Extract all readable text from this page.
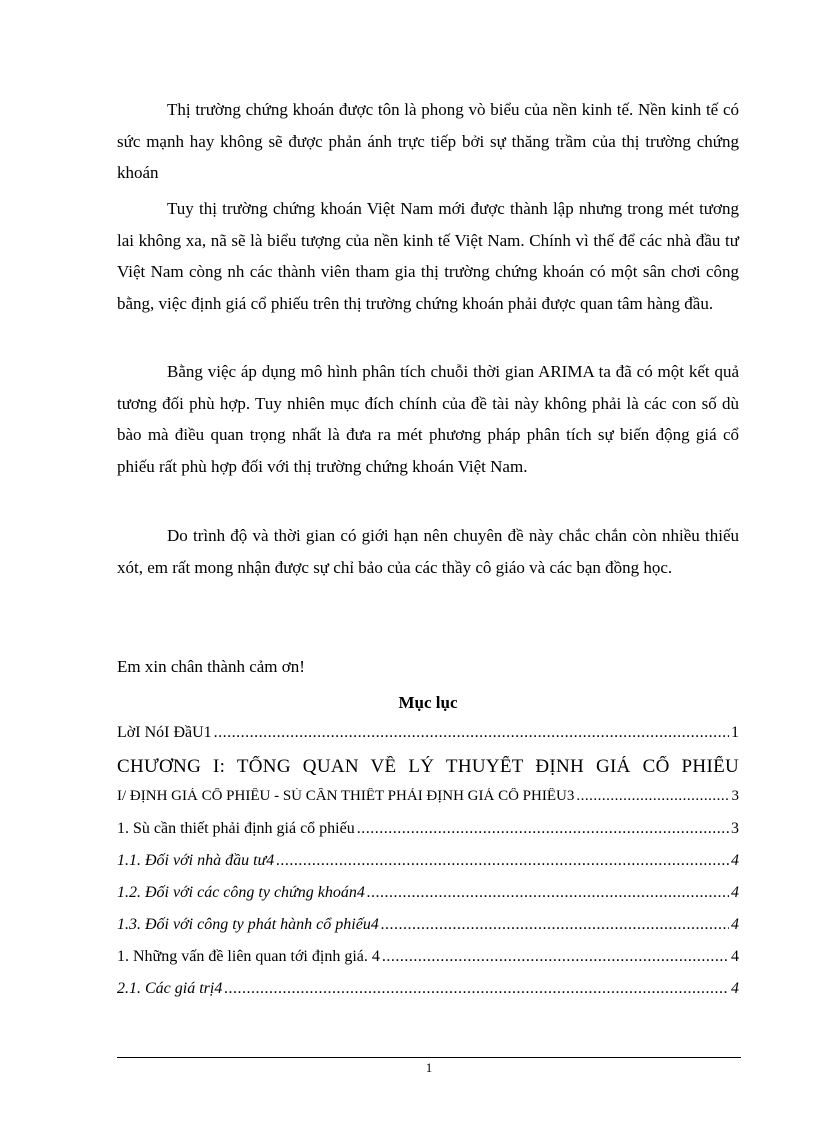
Thị trường chứng khoán được tôn là phong vò biểu của nền kinh tế. Nền kinh tế có sức mạnh hay không sẽ được phản ánh trực tiếp bởi sự thăng trầm của thị trường chứng khoán

Tuy thị trường chứng khoán Việt Nam mới được thành lập nhưng trong mét tương lai không xa, nã sẽ là biểu tượng của nền kinh tế Việt Nam. Chính vì thế để các nhà đầu tư Việt Nam còng nh các thành viên tham gia thị trường chứng khoán có một sân chơi công bằng, việc định giá cổ phiếu trên thị trường chứng khoán phải được quan tâm hàng đầu.

Bằng việc áp dụng mô hình phân tích chuỗi thời gian ARIMA ta đã có một kết quả tương đối phù hợp. Tuy nhiên mục đích chính của đề tài này không phải là các con số dù bào mà điều quan trọng nhất là đưa ra mét phương pháp phân tích sự biến động giá cổ phiếu rất phù hợp đối với thị trường chứng khoán Việt Nam.

Do trình độ và thời gian có giới hạn nên chuyên đề này chắc chắn còn nhiều thiếu xót, em rất mong nhận được sự chỉ bảo của các thầy cô giáo và các bạn đồng học.

Em xin chân thành cảm ơn!

Mục lục

LờI NóI ĐầU1 .....	1
CHƯƠNG I: TỔNG QUAN VỀ LÝ THUYẾT ĐỊNH GIÁ CỔ PHIẾU
I/ ĐỊNH GIÁ CỔ PHIẾU - SÙ CẦN THIẾT PHẢI ĐỊNH GIÁ CỔ PHIẾU3 .....	3
1. Sù cần thiết phải định giá cổ phiếu .....	3
1.1. Đối với nhà đầu tư4 .....	4
1.2. Đối với các công ty chứng khoán4 .....	4
1.3. Đối với công ty phát hành cổ phiếu4 .....	4
1. Những vấn đề liên quan tới định giá. 4 .....	4
2.1. Các giá trị4 .....	4
1
